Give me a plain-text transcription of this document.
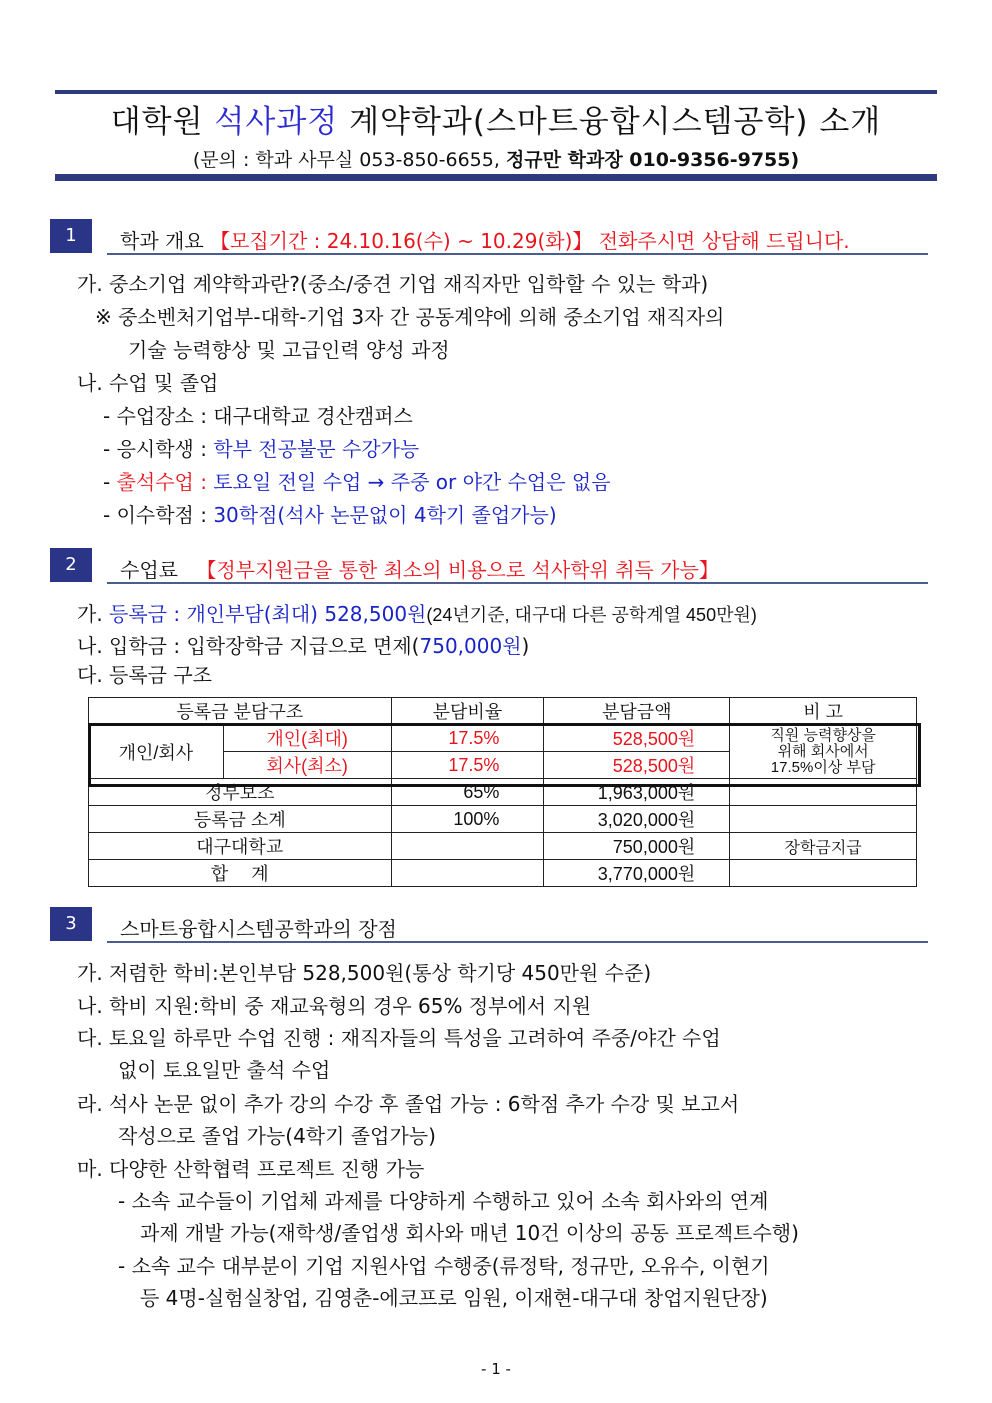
대학원 석사과정 계약학과(스마트융합시스템공학) 소개
(문의 : 학과 사무실 053-850-6655, 정규만 학과장 010-9356-9755)
1	학과 개요 【모집기간 : 24.10.16(수) ~ 10.29(화)】 전화주시면 상담해 드립니다.
가. 중소기업 계약학과란?(중소/중견 기업 재직자만 입학할 수 있는 학과)
※ 중소벤처기업부-대학-기업 3자 간 공동계약에 의해 중소기업 재직자의
기술 능력향상 및 고급인력 양성 과정
나. 수업 및 졸업
- 수업장소 : 대구대학교 경산캠퍼스
- 응시학생 : 학부 전공불문 수강가능
- 출석수업 : 토요일 전일 수업 → 주중 or 야간 수업은 없음
- 이수학점 : 30학점(석사 논문없이 4학기 졸업가능)
2	수업료 【정부지원금을 통한 최소의 비용으로 석사학위 취득 가능】
가. 등록금 : 개인부담(최대) 528,500원(24년기준, 대구대 다른 공학계열 450만원)
나. 입학금 : 입학장학금 지급으로 면제(750,000원)
다. 등록금 구조
등록금 분담구조		분담비율	분담금액	비 고
개인/회사	개인(최대)	17.5%	528,500원	직원 능력향상을
위해 회사에서
17.5%이상 부담

	회사(최소)	17.5%	528,500원	
정부보조		65%	1,963,000원	
등록금 소계		100%	3,020,000원	
대구대학교			750,000원	장학금지급
합 계			3,770,000원	
3	스마트융합시스템공학과의 장점
가. 저렴한 학비:본인부담 528,500원(통상 학기당 450만원 수준)
나. 학비 지원:학비 중 재교육형의 경우 65% 정부에서 지원
다. 토요일 하루만 수업 진행 : 재직자들의 특성을 고려하여 주중/야간 수업
없이 토요일만 출석 수업
라. 석사 논문 없이 추가 강의 수강 후 졸업 가능 : 6학점 추가 수강 및 보고서
작성으로 졸업 가능(4학기 졸업가능)
마. 다양한 산학협력 프로젝트 진행 가능
- 소속 교수들이 기업체 과제를 다양하게 수행하고 있어 소속 회사와의 연계
과제 개발 가능(재학생/졸업생 회사와 매년 10건 이상의 공동 프로젝트수행)
- 소속 교수 대부분이 기업 지원사업 수행중(류정탁, 정규만, 오유수, 이현기
등 4명-실험실창업, 김영춘-에코프로 임원, 이재현-대구대 창업지원단장)
- 1 -
